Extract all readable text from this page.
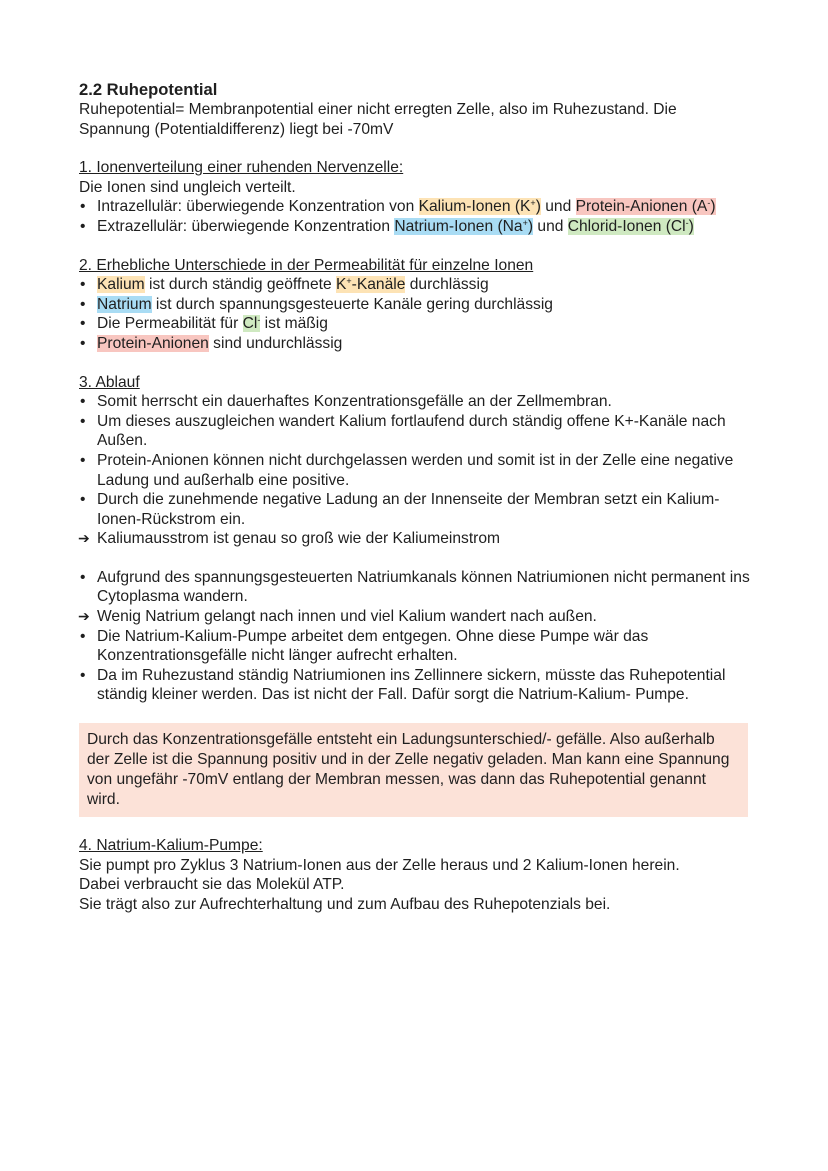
2.2 Ruhepotential

Ruhepotential= Membranpotential einer nicht erregten Zelle, also im Ruhezustand. Die Spannung (Potentialdifferenz) liegt bei -70mV

1. Ionenverteilung einer ruhenden Nervenzelle:

Die Ionen sind ungleich verteilt.

• Intrazellulär: überwiegende Konzentration von Kalium-Ionen (K+) und Protein-Anionen (A-)
• Extrazellulär: überwiegende Konzentration Natrium-Ionen (Na+) und Chlorid-Ionen (Cl-)

2. Erhebliche Unterschiede in der Permeabilität für einzelne Ionen

• Kalium ist durch ständig geöffnete K+-Kanäle durchlässig
• Natrium ist durch spannungsgesteuerte Kanäle gering durchlässig
• Die Permeabilität für Cl- ist mäßig
• Protein-Anionen sind undurchlässig

3. Ablauf

• Somit herrscht ein dauerhaftes Konzentrationsgefälle an der Zellmembran.
• Um dieses auszugleichen wandert Kalium fortlaufend durch ständig offene K+-Kanäle nach Außen.
• Protein-Anionen können nicht durchgelassen werden und somit ist in der Zelle eine negative Ladung und außerhalb eine positive.
• Durch die zunehmende negative Ladung an der Innenseite der Membran setzt ein Kalium-Ionen-Rückstrom ein.
➔ Kaliumausstrom ist genau so groß wie der Kaliumeinstrom
• Aufgrund des spannungsgesteuerten Natriumkanals können Natriumionen nicht permanent ins Cytoplasma wandern.
➔ Wenig Natrium gelangt nach innen und viel Kalium wandert nach außen.
• Die Natrium-Kalium-Pumpe arbeitet dem entgegen. Ohne diese Pumpe wär das Konzentrationsgefälle nicht länger aufrecht erhalten.
• Da im Ruhezustand ständig Natriumionen ins Zellinnere sickern, müsste das Ruhepotential ständig kleiner werden. Das ist nicht der Fall. Dafür sorgt die Natrium-Kalium- Pumpe.
Durch das Konzentrationsgefälle entsteht ein Ladungsunterschied/- gefälle. Also außerhalb der Zelle ist die Spannung positiv und in der Zelle negativ geladen. Man kann eine Spannung von ungefähr -70mV entlang der Membran messen, was dann das Ruhepotential genannt wird.

4. Natrium-Kalium-Pumpe:

Sie pumpt pro Zyklus 3 Natrium-Ionen aus der Zelle heraus und 2 Kalium-Ionen herein.

Dabei verbraucht sie das Molekül ATP.

Sie trägt also zur Aufrechterhaltung und zum Aufbau des Ruhepotenzials bei.
